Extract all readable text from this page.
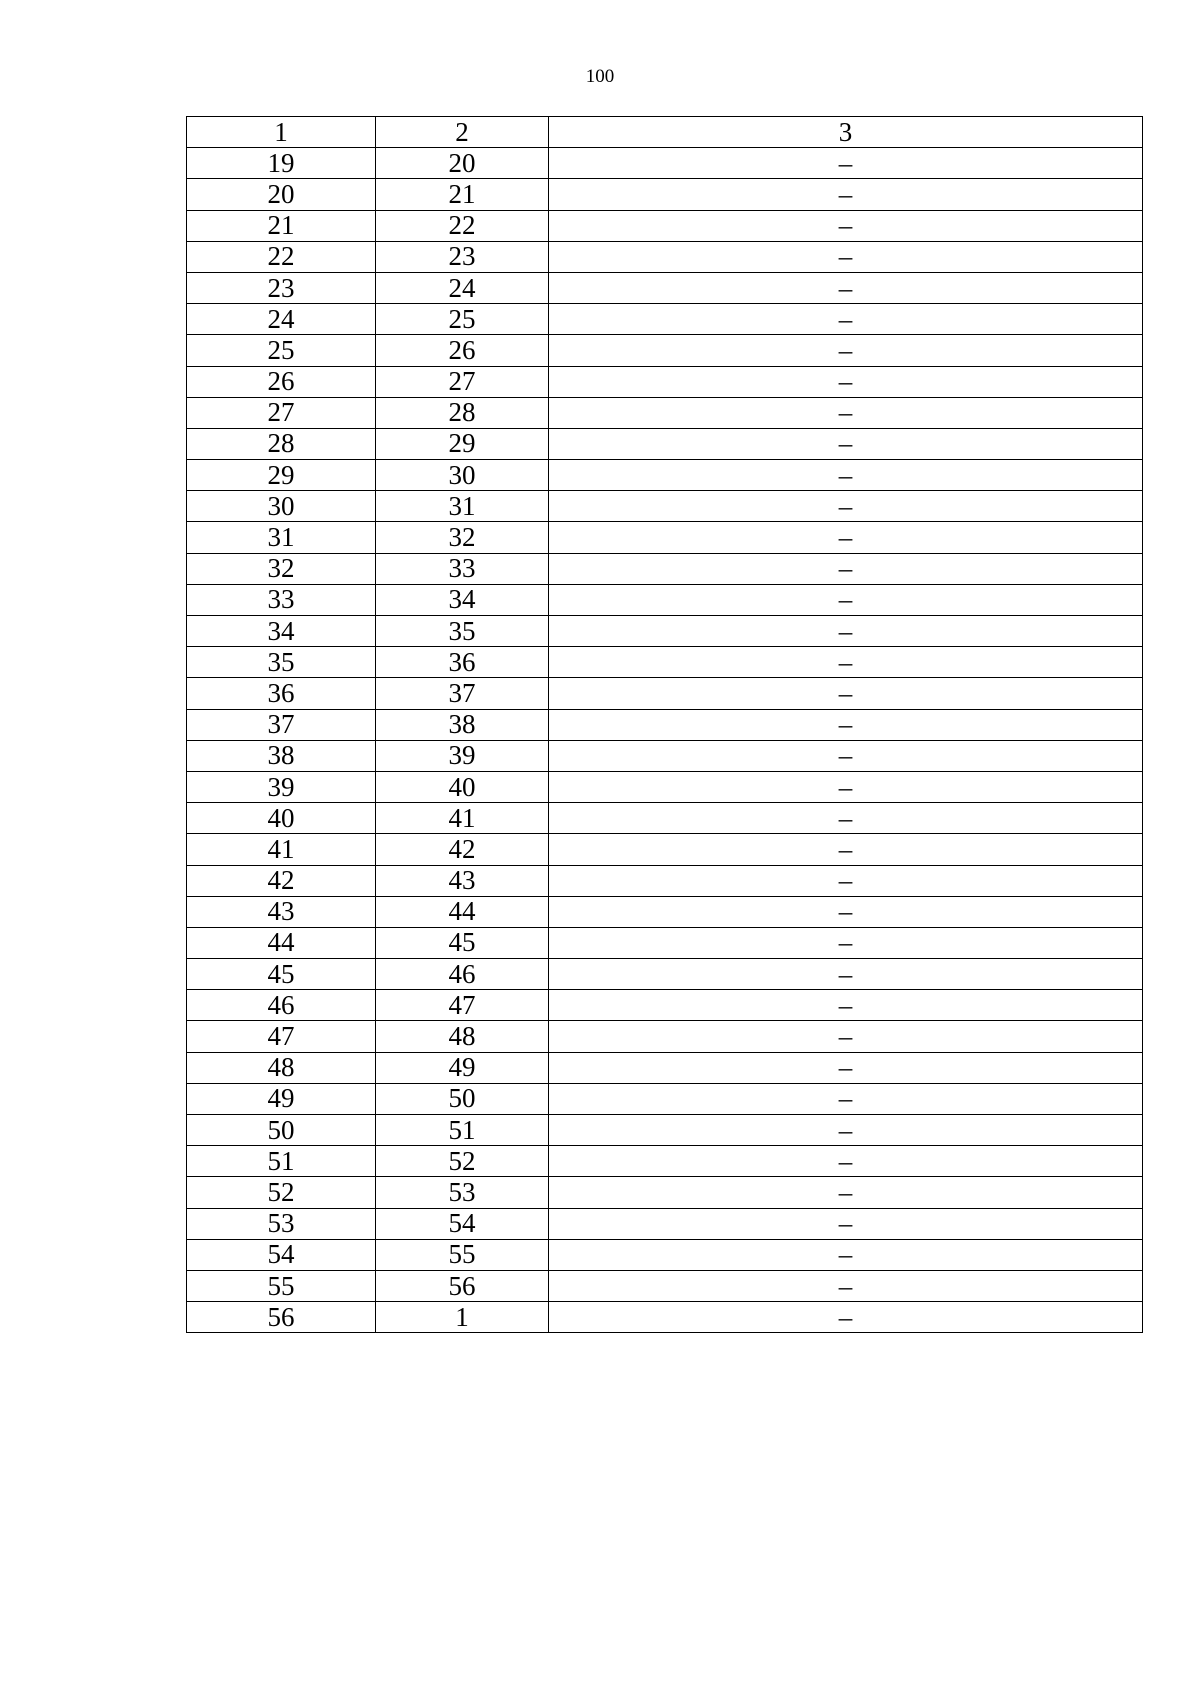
100
1	2	3
19	20	–
20	21	–
21	22	–
22	23	–
23	24	–
24	25	–
25	26	–
26	27	–
27	28	–
28	29	–
29	30	–
30	31	–
31	32	–
32	33	–
33	34	–
34	35	–
35	36	–
36	37	–
37	38	–
38	39	–
39	40	–
40	41	–
41	42	–
42	43	–
43	44	–
44	45	–
45	46	–
46	47	–
47	48	–
48	49	–
49	50	–
50	51	–
51	52	–
52	53	–
53	54	–
54	55	–
55	56	–
56	1	–
